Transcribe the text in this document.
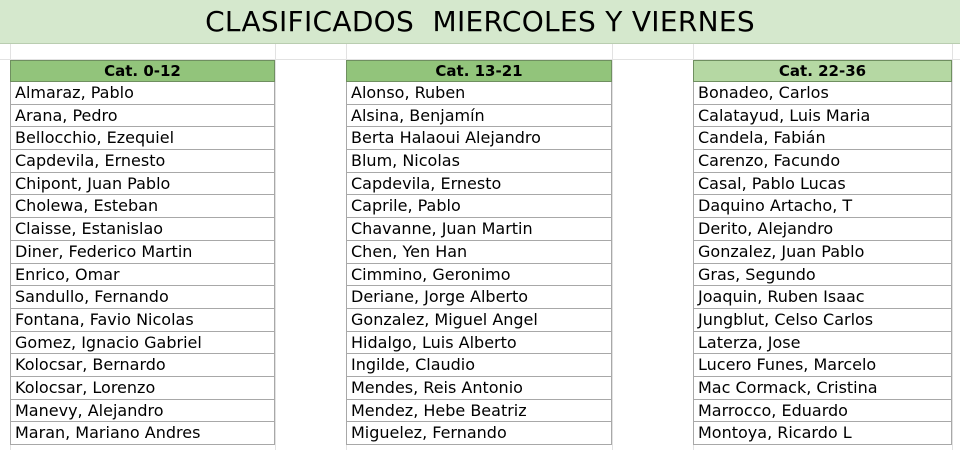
CLASIFICADOS  MIERCOLES Y VIERNES
Cat. 0-12
Almaraz, Pablo
Arana, Pedro
Bellocchio, Ezequiel
Capdevila, Ernesto
Chipont, Juan Pablo
Cholewa, Esteban
Claisse, Estanislao
Diner, Federico Martin
Enrico, Omar
Sandullo, Fernando
Fontana, Favio Nicolas
Gomez, Ignacio Gabriel
Kolocsar, Bernardo
Kolocsar, Lorenzo
Manevy, Alejandro
Maran, Mariano Andres
Cat. 13-21
Alonso, Ruben
Alsina, Benjamín
Berta Halaoui Alejandro
Blum, Nicolas
Capdevila, Ernesto
Caprile, Pablo
Chavanne, Juan Martin
Chen, Yen Han
Cimmino, Geronimo
Deriane, Jorge Alberto
Gonzalez, Miguel Angel
Hidalgo, Luis Alberto
Ingilde, Claudio
Mendes, Reis Antonio
Mendez, Hebe Beatriz
Miguelez, Fernando
Cat. 22-36
Bonadeo, Carlos
Calatayud, Luis Maria
Candela, Fabián
Carenzo, Facundo
Casal, Pablo Lucas
Daquino Artacho, T
Derito, Alejandro
Gonzalez, Juan Pablo
Gras, Segundo
Joaquin, Ruben Isaac
Jungblut, Celso Carlos
Laterza, Jose
Lucero Funes, Marcelo
Mac Cormack, Cristina
Marrocco, Eduardo
Montoya, Ricardo L
